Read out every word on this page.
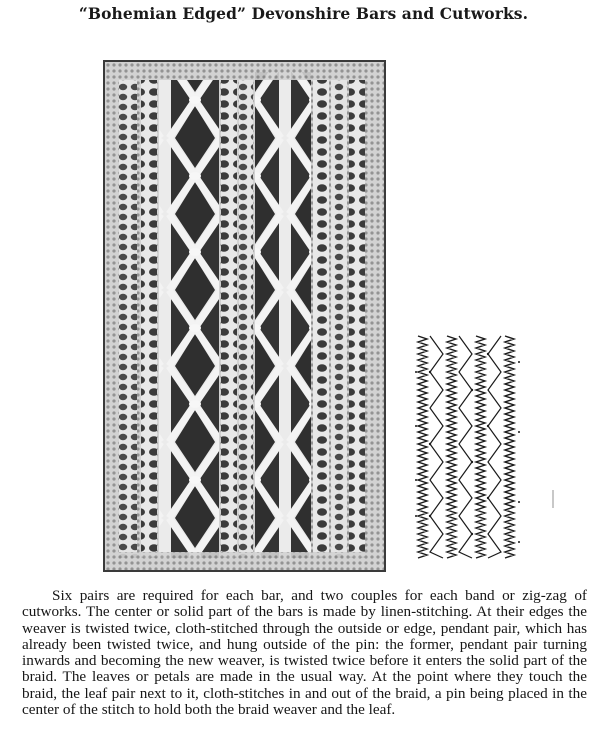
“Bohemian Edged” Devonshire Bars and Cutworks.

Six pairs are required for each bar, and two couples for each band or zig-zag of cutworks. The center or solid part of the bars is made by linen-stitching. At their edges the weaver is twisted twice, cloth-stitched through the outside or edge, pendant pair, which has already been twisted twice, and hung outside of the pin: the former, pendant pair turning inwards and becoming the new weaver, is twisted twice before it enters the solid part of the braid. The leaves or petals are made in the usual way. At the point where they touch the braid, the leaf pair next to it, cloth-stitches in and out of the braid, a pin being placed in the center of the stitch to hold both the braid weaver and the leaf.
